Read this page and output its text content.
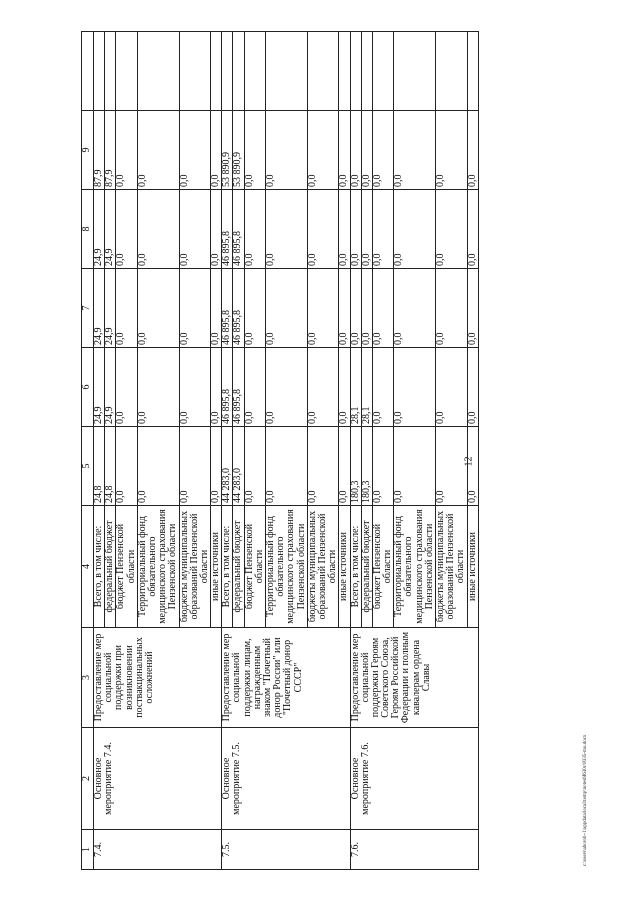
12
1	2	3	4	5	6	7	8	9	
7.4.	Основное мероприятие 7.4.	Предоставление мер социальной поддержки при возникновении поствакцинальных осложнений	Всего, в том числе:	24,8	24,9	24,9	24,9	87,9	
			федеральный бюджет	24,8	24,9	24,9	24,9	87,9	
			бюджет Пензенской области	0,0	0,0	0,0	0,0	0,0	
			Территориальный фонд обязательного медицинского страхования Пензенской области	0,0	0,0	0,0	0,0	0,0	
			бюджеты муниципальных образований Пензенской области	0,0	0,0	0,0	0,0	0,0	
			иные источники	0,0	0,0	0,0	0,0	0,0	
7.5.	Основное мероприятие 7.5.	Предоставление мер социальной поддержки лицам, награжденным знаком "Почетный донор России" или "Почетный донор СССР"	Всего, в том числе:	44 283,0	46 895,8	46 895,8	46 895,8	53 890,9	
			федеральный бюджет	44 283,0	46 895,8	46 895,8	46 895,8	53 890,9	
			бюджет Пензенской области	0,0	0,0	0,0	0,0	0,0	
			Территориальный фонд обязательного медицинского страхования Пензенской области	0,0	0,0	0,0	0,0	0,0	
			бюджеты муниципальных образований Пензенской области	0,0	0,0	0,0	0,0	0,0	
			иные источники	0,0	0,0	0,0	0,0	0,0	
7.6.	Основное мероприятие 7.6.	Предоставление мер социальной поддержки Героям Советского Союза, Героям Российской Федерации и полным кавалерам ордена Славы	Всего, в том числе:	180,3	28,1	0,0	0,0	0,0	
			федеральный бюджет	180,3	28,1	0,0	0,0	0,0	
			бюджет Пензенской области	0,0	0,0	0,0	0,0	0,0	
			Территориальный фонд обязательного медицинского страхования Пензенской области	0,0	0,0	0,0	0,0	0,0	
			бюджеты муниципальных образований Пензенской области	0,0	0,0	0,0	0,0	0,0	
			иные источники	0,0	0,0	0,0	0,0	0,0	
c:\users\ahoroh~1\appdata\local\temp\notes6f630c\8335-mu.docx
